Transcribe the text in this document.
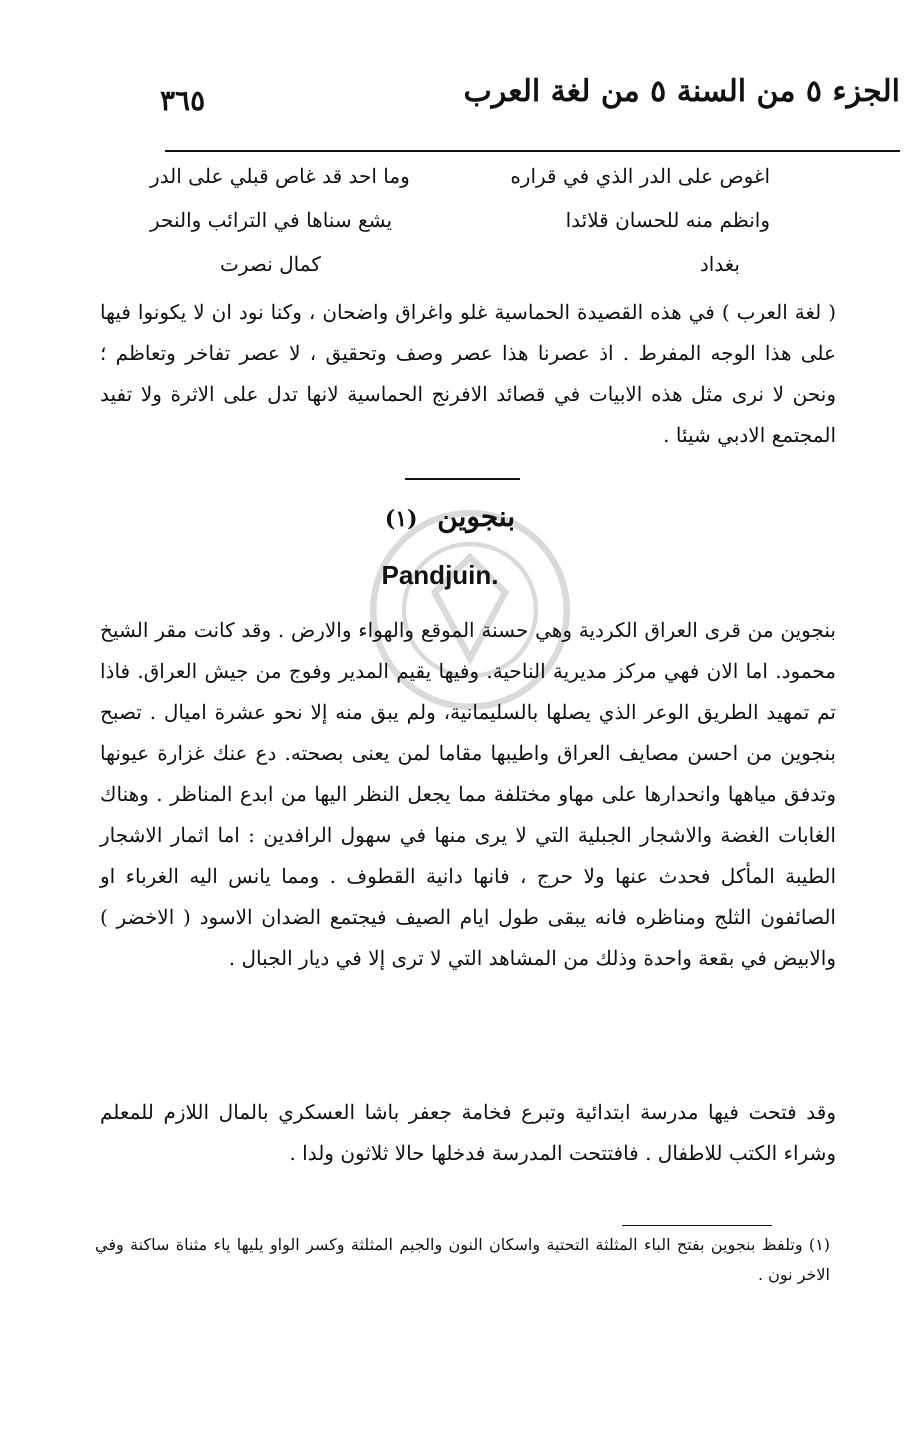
الجزء ٥ من السنة ٥ من لغة العرب
٣٦٥
اغوص على الدر الذي في قراره
وما احد قد غاص قبلي على الدر
وانظم منه للحسان قلائدا
يشع سناها في الترائب والنحر
بغداد
كمال نصرت
( لغة العرب ) في هذه القصيدة الحماسية غلو واغراق واضحان ، وكنا نود ان لا يكونوا فيها على هذا الوجه المفرط . اذ عصرنا هذا عصر وصف وتحقيق ، لا عصر تفاخر وتعاظم ؛ ونحن لا نرى مثل هذه الابيات في قصائد الافرنج الحماسية لانها تدل على الاثرة ولا تفيد المجتمع الادبي شيئا .
بنجوين (١)
Pandjuin.
بنجوين من قرى العراق الكردية وهي حسنة الموقع والهواء والارض . وقد كانت مقر الشيخ محمود. اما الان فهي مركز مديرية الناحية. وفيها يقيم المدير وفوج من جيش العراق. فاذا تم تمهيد الطريق الوعر الذي يصلها بالسليمانية، ولم يبق منه إلا نحو عشرة اميال . تصبح بنجوين من احسن مصايف العراق واطيبها مقاما لمن يعنى بصحته. دع عنك غزارة عيونها وتدفق مياهها وانحدارها على مهاو مختلفة مما يجعل النظر اليها من ابدع المناظر . وهناك الغابات الغضة والاشجار الجبلية التي لا يرى منها في سهول الرافدين : اما اثمار الاشجار الطيبة المأكل فحدث عنها ولا حرج ، فانها دانية القطوف . ومما يانس اليه الغرباء او الصائفون الثلج ومناظره فانه يبقى طول ايام الصيف فيجتمع الضدان الاسود ( الاخضر ) والابيض في بقعة واحدة وذلك من المشاهد التي لا ترى إلا في ديار الجبال .
وقد فتحت فيها مدرسة ابتدائية وتبرع فخامة جعفر باشا العسكري بالمال اللازم للمعلم وشراء الكتب للاطفال . فافتتحت المدرسة فدخلها حالا ثلاثون ولدا .
(١) وتلفظ بنجوين بفتح الباء المثلثة التحتية واسكان النون والجيم المثلثة وكسر الواو يليها ياء مثناة ساكنة وفي الاخر نون .
